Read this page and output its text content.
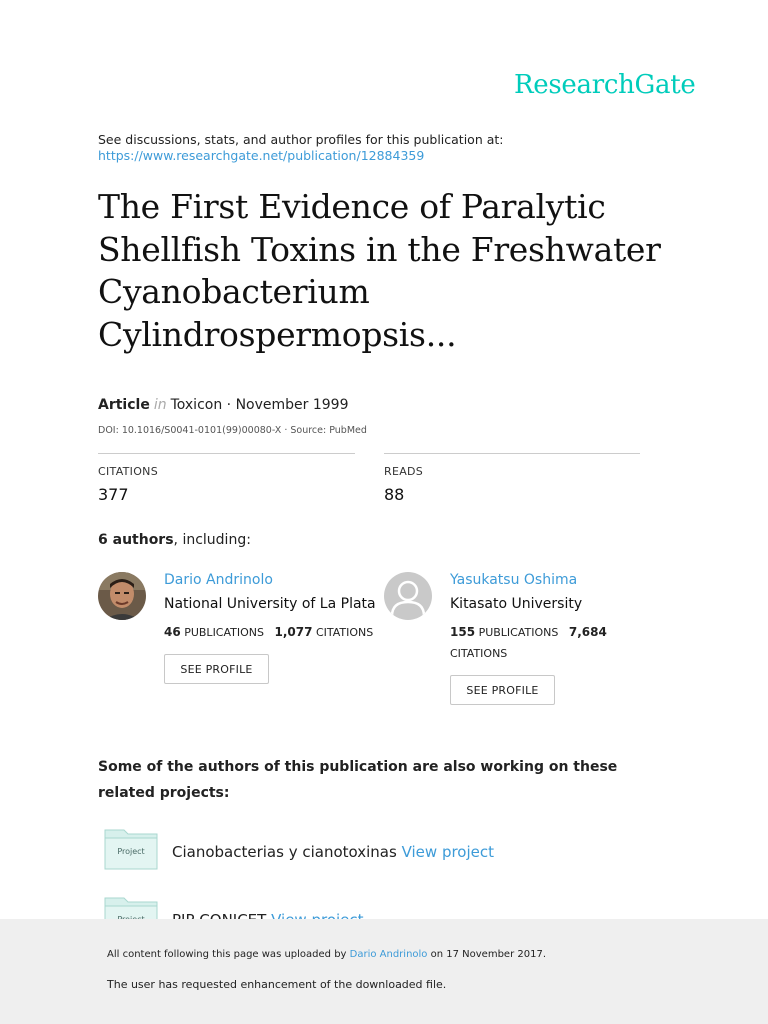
ResearchGate
See discussions, stats, and author profiles for this publication at:
https://www.researchgate.net/publication/12884359
The First Evidence of Paralytic
Shellfish Toxins in the Freshwater
Cyanobacterium
Cylindrospermopsis...
Article in Toxicon · November 1999
DOI: 10.1016/S0041-0101(99)00080-X · Source: PubMed
CITATIONS
377
READS
88
6 authors, including:
Dario Andrinolo
National University of La Plata
46 PUBLICATIONS 1,077 CITATIONS
SEE PROFILE
Yasukatsu Oshima
Kitasato University
155 PUBLICATIONS 7,684 CITATIONS
SEE PROFILE
Some of the authors of this publication are also working on these related projects:
Project	Cianobacterias y cianotoxinas View project
All content following this page was uploaded by Dario Andrinolo on 17 November 2017.
The user has requested enhancement of the downloaded file.
